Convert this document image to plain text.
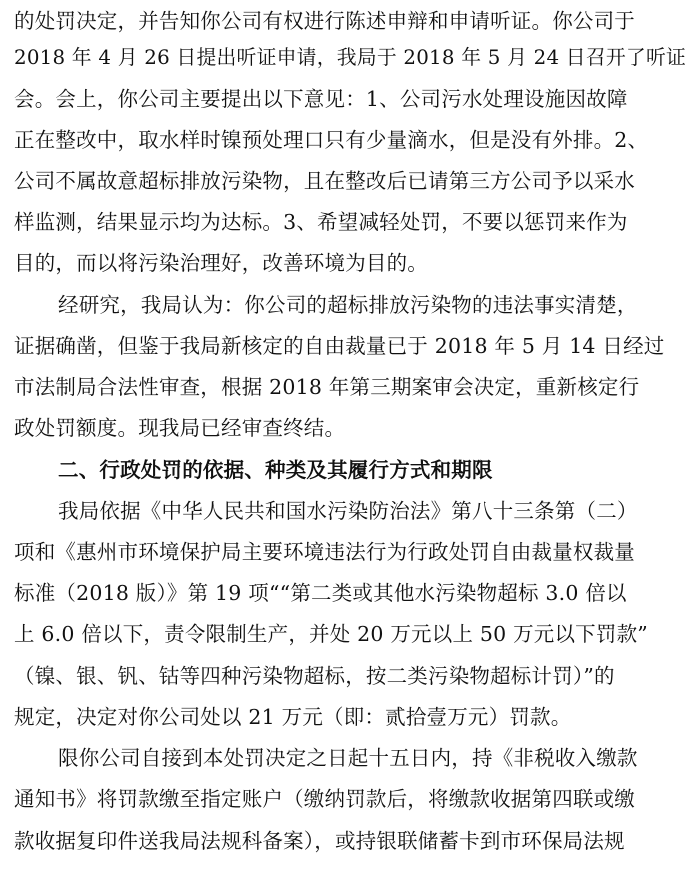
的处罚决定，并告知你公司有权进行陈述申辩和申请听证。你公司于
2018 年 4 月 26 日提出听证申请，我局于 2018 年 5 月 24 日召开了听证
会。会上，你公司主要提出以下意见：1、公司污水处理设施因故障
正在整改中，取水样时镍预处理口只有少量滴水，但是没有外排。2、
公司不属故意超标排放污染物，且在整改后已请第三方公司予以采水
样监测，结果显示均为达标。3、希望减轻处罚，不要以惩罚来作为
目的，而以将污染治理好，改善环境为目的。
经研究，我局认为：你公司的超标排放污染物的违法事实清楚，
证据确凿，但鉴于我局新核定的自由裁量已于 2018 年 5 月 14 日经过
市法制局合法性审查，根据 2018 年第三期案审会决定，重新核定行
政处罚额度。现我局已经审查终结。
二、行政处罚的依据、种类及其履行方式和期限
我局依据《中华人民共和国水污染防治法》第八十三条第（二）
项和《惠州市环境保护局主要环境违法行为行政处罚自由裁量权裁量
标准（2018 版）》第 19 项““第二类或其他水污染物超标 3.0 倍以
上 6.0 倍以下，责令限制生产，并处 20 万元以上 50 万元以下罚款”
（镍、银、钒、钴等四种污染物超标，按二类污染物超标计罚）”的
规定，决定对你公司处以 21 万元（即：贰拾壹万元）罚款。
限你公司自接到本处罚决定之日起十五日内，持《非税收入缴款
通知书》将罚款缴至指定账户（缴纳罚款后，将缴款收据第四联或缴
款收据复印件送我局法规科备案），或持银联储蓄卡到市环保局法规
